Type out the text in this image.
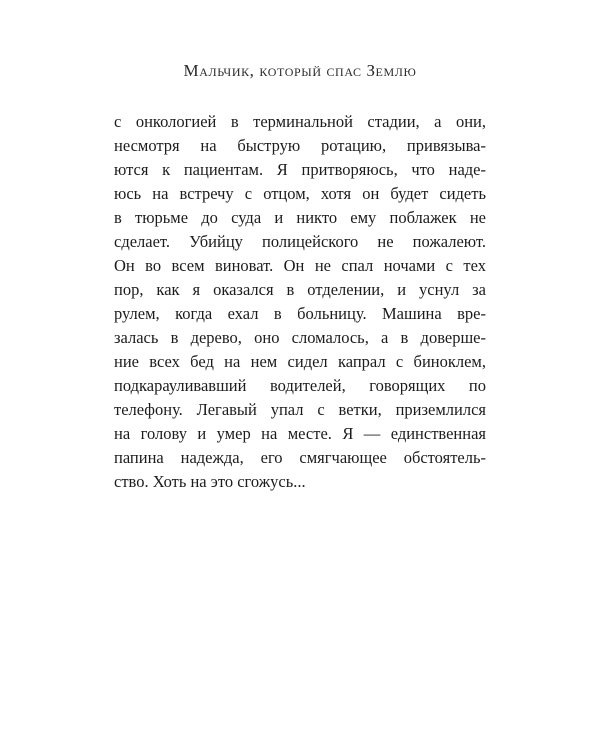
Мальчик, который спас Землю
с онкологией в терминальной стадии, а они,
несмотря на быструю ротацию, привязыва-
ются к пациентам. Я притворяюсь, что наде-
юсь на встречу с отцом, хотя он будет сидеть
в тюрьме до суда и никто ему поблажек не
сделает. Убийцу полицейского не пожалеют.
Он во всем виноват. Он не спал ночами с тех
пор, как я оказался в отделении, и уснул за
рулем, когда ехал в больницу. Машина вре-
залась в дерево, оно сломалось, а в доверше-
ние всех бед на нем сидел капрал с биноклем,
подкарауливавший водителей, говорящих по
телефону. Легавый упал с ветки, приземлился
на голову и умер на месте. Я — единственная
папина надежда, его смягчающее обстоятель-
ство. Хоть на это сгожусь...
